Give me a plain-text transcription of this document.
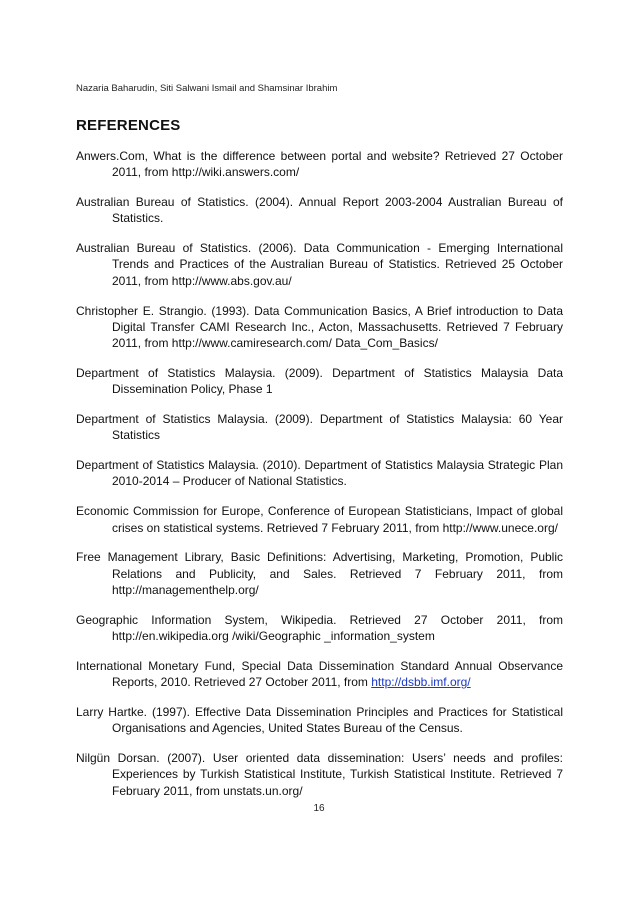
Nazaria Baharudin, Siti Salwani Ismail and Shamsinar Ibrahim
REFERENCES
Anwers.Com, What is the difference between portal and website? Retrieved 27 October 2011, from http://wiki.answers.com/
Australian Bureau of Statistics. (2004). Annual Report 2003-2004 Australian Bureau of Statistics.
Australian Bureau of Statistics. (2006). Data Communication - Emerging International Trends and Practices of the Australian Bureau of Statistics. Retrieved 25 October 2011, from http://www.abs.gov.au/
Christopher E. Strangio. (1993). Data Communication Basics, A Brief introduction to Data Digital Transfer CAMI Research Inc., Acton, Massachusetts. Retrieved 7 February 2011, from http://www.camiresearch.com/ Data_Com_Basics/
Department of Statistics Malaysia. (2009). Department of Statistics Malaysia Data Dissemination Policy, Phase 1
Department of Statistics Malaysia. (2009). Department of Statistics Malaysia: 60 Year Statistics
Department of Statistics Malaysia. (2010). Department of Statistics Malaysia Strategic Plan 2010-2014 – Producer of National Statistics.
Economic Commission for Europe, Conference of European Statisticians, Impact of global crises on statistical systems. Retrieved 7 February 2011, from http://www.unece.org/
Free Management Library, Basic Definitions: Advertising, Marketing, Promotion, Public Relations and Publicity, and Sales. Retrieved 7 February 2011, from http://managementhelp.org/
Geographic Information System, Wikipedia. Retrieved 27 October 2011, from http://en.wikipedia.org /wiki/Geographic _information_system
International Monetary Fund, Special Data Dissemination Standard Annual Observance Reports, 2010. Retrieved 27 October 2011, from http://dsbb.imf.org/
Larry Hartke. (1997). Effective Data Dissemination Principles and Practices for Statistical Organisations and Agencies, United States Bureau of the Census.
Nilgün Dorsan. (2007). User oriented data dissemination: Users’ needs and profiles: Experiences by Turkish Statistical Institute, Turkish Statistical Institute. Retrieved 7 February 2011, from unstats.un.org/
16
